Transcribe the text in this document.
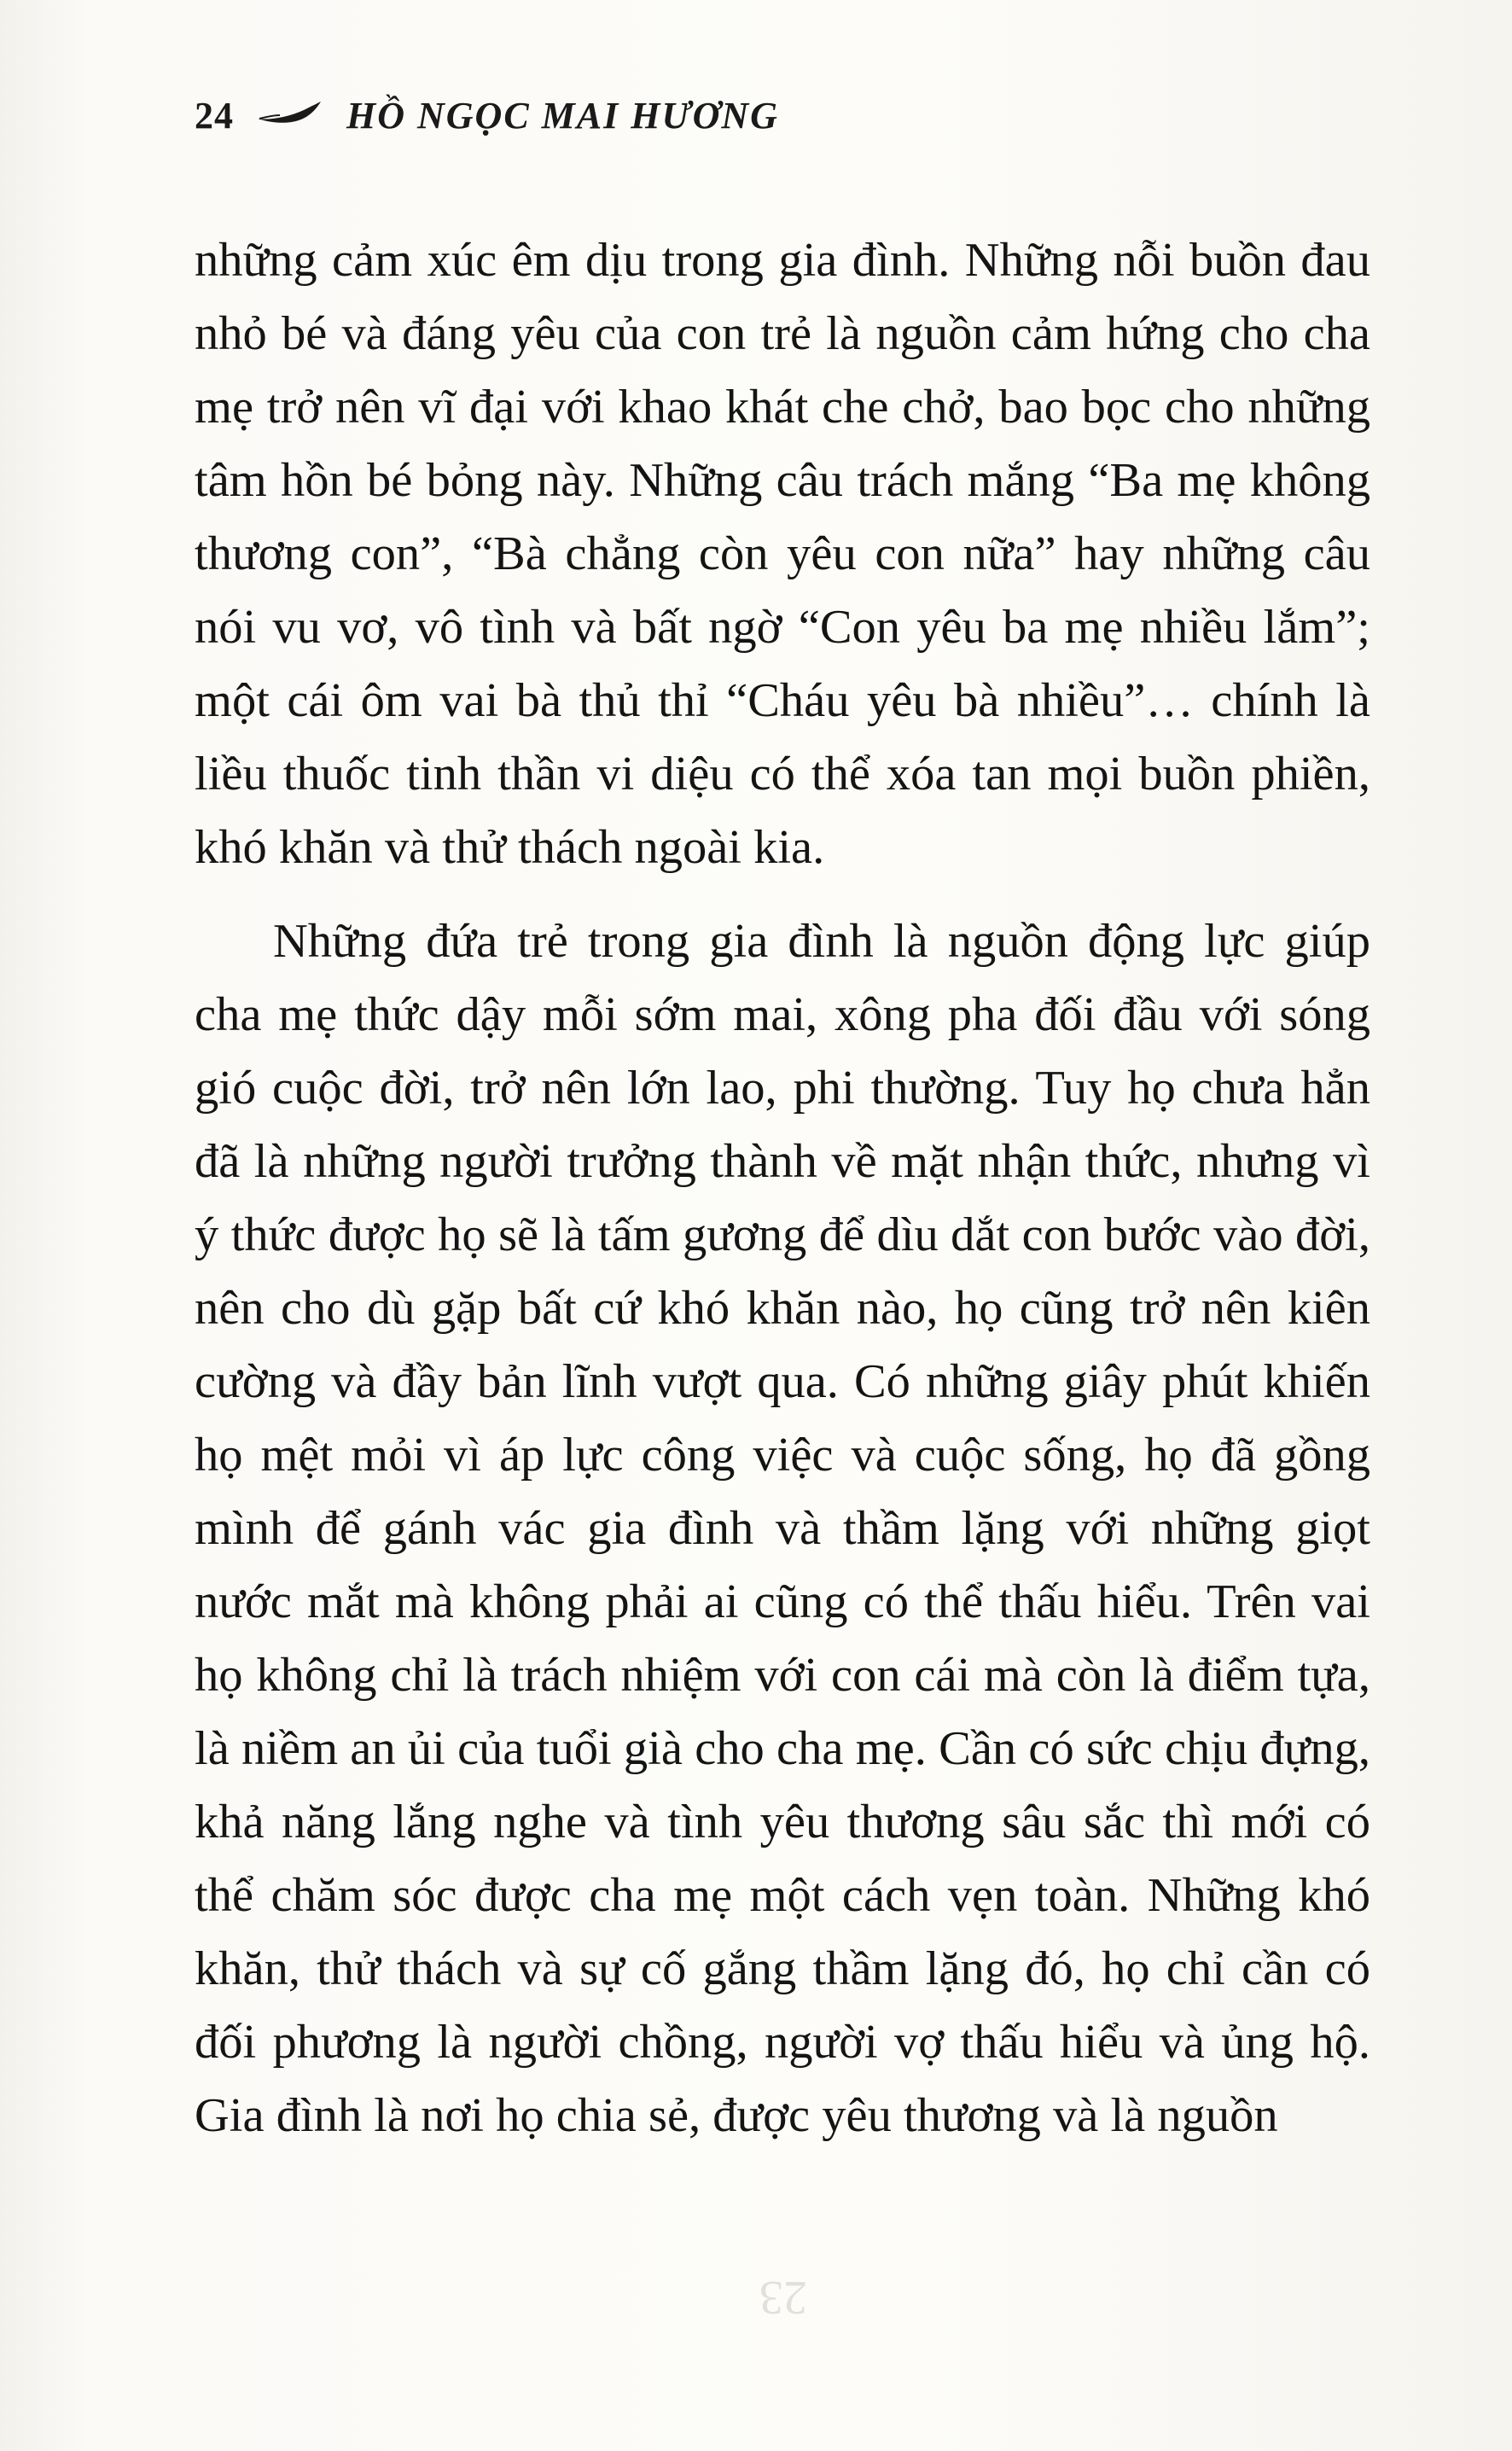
24	HỒ NGỌC MAI HƯƠNG

những cảm xúc êm dịu trong gia đình. Những nỗi buồn đau nhỏ bé và đáng yêu của con trẻ là nguồn cảm hứng cho cha mẹ trở nên vĩ đại với khao khát che chở, bao bọc cho những tâm hồn bé bỏng này. Những câu trách mắng “Ba mẹ không thương con”, “Bà chẳng còn yêu con nữa” hay những câu nói vu vơ, vô tình và bất ngờ “Con yêu ba mẹ nhiều lắm”; một cái ôm vai bà thủ thỉ “Cháu yêu bà nhiều”… chính là liều thuốc tinh thần vi diệu có thể xóa tan mọi buồn phiền, khó khăn và thử thách ngoài kia.

Những đứa trẻ trong gia đình là nguồn động lực giúp cha mẹ thức dậy mỗi sớm mai, xông pha đối đầu với sóng gió cuộc đời, trở nên lớn lao, phi thường. Tuy họ chưa hẳn đã là những người trưởng thành về mặt nhận thức, nhưng vì ý thức được họ sẽ là tấm gương để dìu dắt con bước vào đời, nên cho dù gặp bất cứ khó khăn nào, họ cũng trở nên kiên cường và đầy bản lĩnh vượt qua. Có những giây phút khiến họ mệt mỏi vì áp lực công việc và cuộc sống, họ đã gồng mình để gánh vác gia đình và thầm lặng với những giọt nước mắt mà không phải ai cũng có thể thấu hiểu. Trên vai họ không chỉ là trách nhiệm với con cái mà còn là điểm tựa, là niềm an ủi của tuổi già cho cha mẹ. Cần có sức chịu đựng, khả năng lắng nghe và tình yêu thương sâu sắc thì mới có thể chăm sóc được cha mẹ một cách vẹn toàn. Những khó khăn, thử thách và sự cố gắng thầm lặng đó, họ chỉ cần có đối phương là người chồng, người vợ thấu hiểu và ủng hộ. Gia đình là nơi họ chia sẻ, được yêu thương và là nguồn

23
